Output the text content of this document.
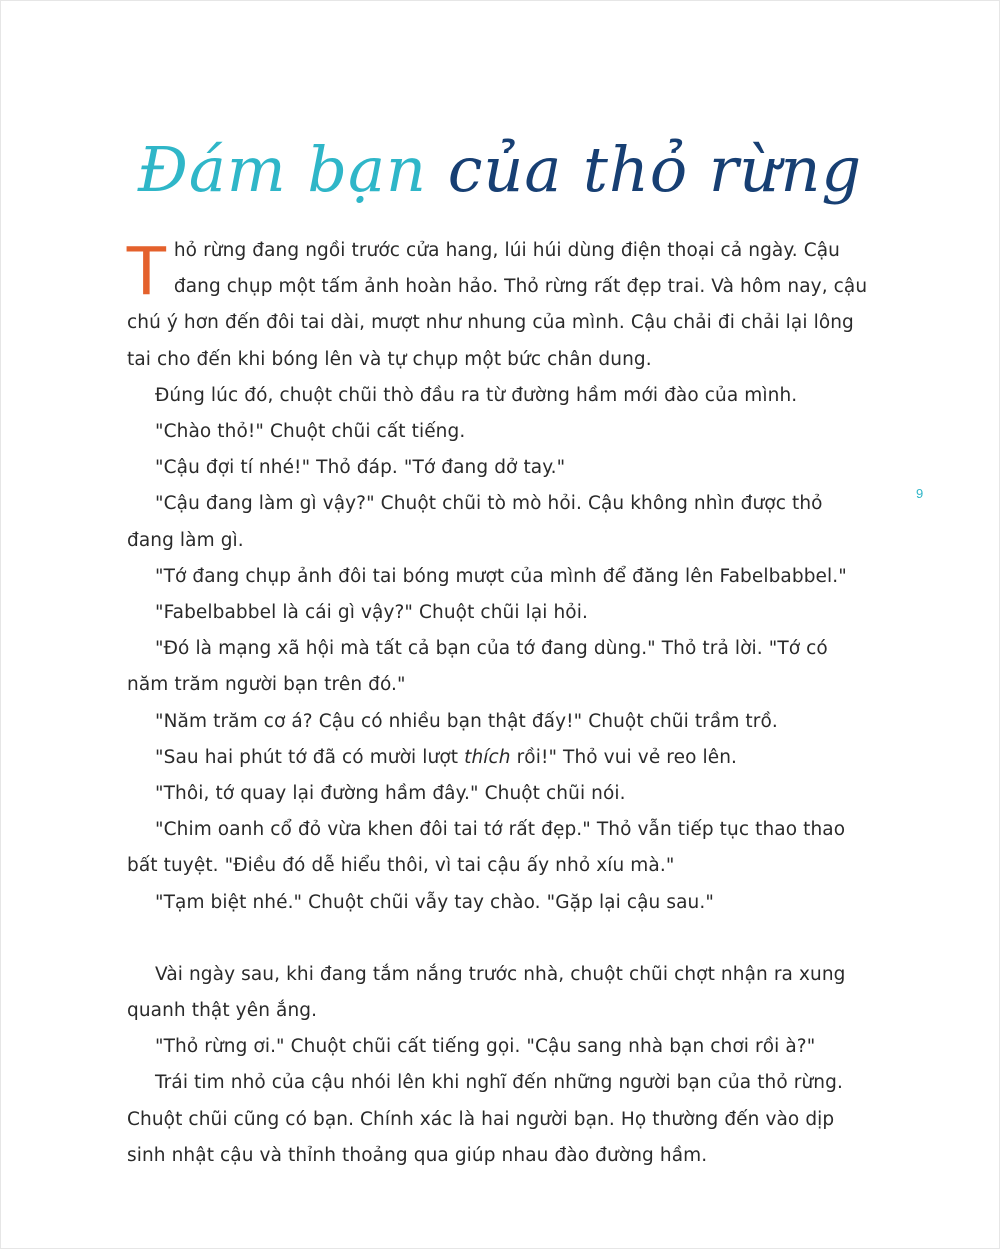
Đám bạn của thỏ rừng

Thỏ rừng đang ngồi trước cửa hang, lúi húi dùng điện thoại cả ngày. Cậu đang chụp một tấm ảnh hoàn hảo. Thỏ rừng rất đẹp trai. Và hôm nay, cậu chú ý hơn đến đôi tai dài, mượt như nhung của mình. Cậu chải đi chải lại lông tai cho đến khi bóng lên và tự chụp một bức chân dung.

Đúng lúc đó, chuột chũi thò đầu ra từ đường hầm mới đào của mình.

"Chào thỏ!" Chuột chũi cất tiếng.

"Cậu đợi tí nhé!" Thỏ đáp. "Tớ đang dở tay."

"Cậu đang làm gì vậy?" Chuột chũi tò mò hỏi. Cậu không nhìn được thỏ đang làm gì.

"Tớ đang chụp ảnh đôi tai bóng mượt của mình để đăng lên Fabelbabbel."

"Fabelbabbel là cái gì vậy?" Chuột chũi lại hỏi.

"Đó là mạng xã hội mà tất cả bạn của tớ đang dùng." Thỏ trả lời. "Tớ có năm trăm người bạn trên đó."

"Năm trăm cơ á? Cậu có nhiều bạn thật đấy!" Chuột chũi trầm trồ.

"Sau hai phút tớ đã có mười lượt thích rồi!" Thỏ vui vẻ reo lên.

"Thôi, tớ quay lại đường hầm đây." Chuột chũi nói.

"Chim oanh cổ đỏ vừa khen đôi tai tớ rất đẹp." Thỏ vẫn tiếp tục thao thao bất tuyệt. "Điều đó dễ hiểu thôi, vì tai cậu ấy nhỏ xíu mà."

"Tạm biệt nhé." Chuột chũi vẫy tay chào. "Gặp lại cậu sau."

Vài ngày sau, khi đang tắm nắng trước nhà, chuột chũi chợt nhận ra xung quanh thật yên ắng.

"Thỏ rừng ơi." Chuột chũi cất tiếng gọi. "Cậu sang nhà bạn chơi rồi à?"

Trái tim nhỏ của cậu nhói lên khi nghĩ đến những người bạn của thỏ rừng. Chuột chũi cũng có bạn. Chính xác là hai người bạn. Họ thường đến vào dịp sinh nhật cậu và thỉnh thoảng qua giúp nhau đào đường hầm.

9
